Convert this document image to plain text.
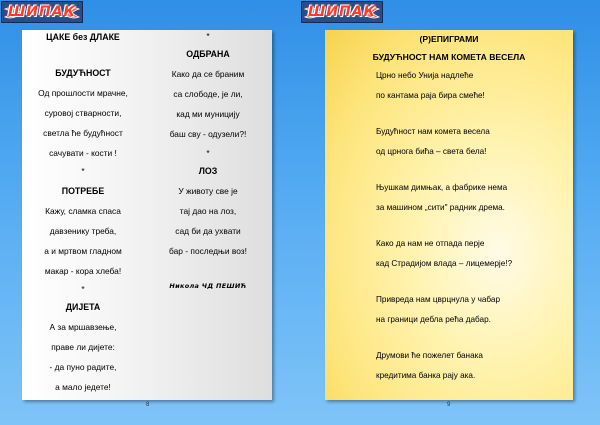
ШИПАК	ШИПАК
ЦАКЕ без ДЛАКЕ
БУДУЋНОСТ
Од прошлости мрачне,
суровој стварности,
светла ће будућност
сачувати - кости !
*
ПОТРЕБЕ
Кажу, сламка спаса
давзенику треба,
а и мртвом гладном
макар - кора хлеба!
*
ДИЈЕТА
А за мршавзење,
праве ли дијете:
- да пуно радите,
а мало једете!
*
ОДБРАНА
Како да се браним
са слободе, је ли,
кад ми муницију
баш сву - одузели?!
*
ЛОЗ
У животу све је
тај дао на лоз,
сад би да ухвати
бар - последњи воз!
Никола ЧД ПЕШИЋ
8
(Р)ЕПИГРАМИ
БУДУЋНОСТ НАМ КОМЕТА ВЕСЕЛА
Црно небо Унија надлеће
по кантама раја бира смеће!
Будућност нам комета весела
од црнога бића – света бела!
Њушкам димњак, а фабрике нема
за машином „сити" радник дрема.
Како да нам не отпада перје
кад Страдијом влада – лицемерје!?
Привреда нам цврцнула у чабар
на граници дебла рећа дабар.
Друмови ће пожелет банака
кредитима банка рају ака.
9
